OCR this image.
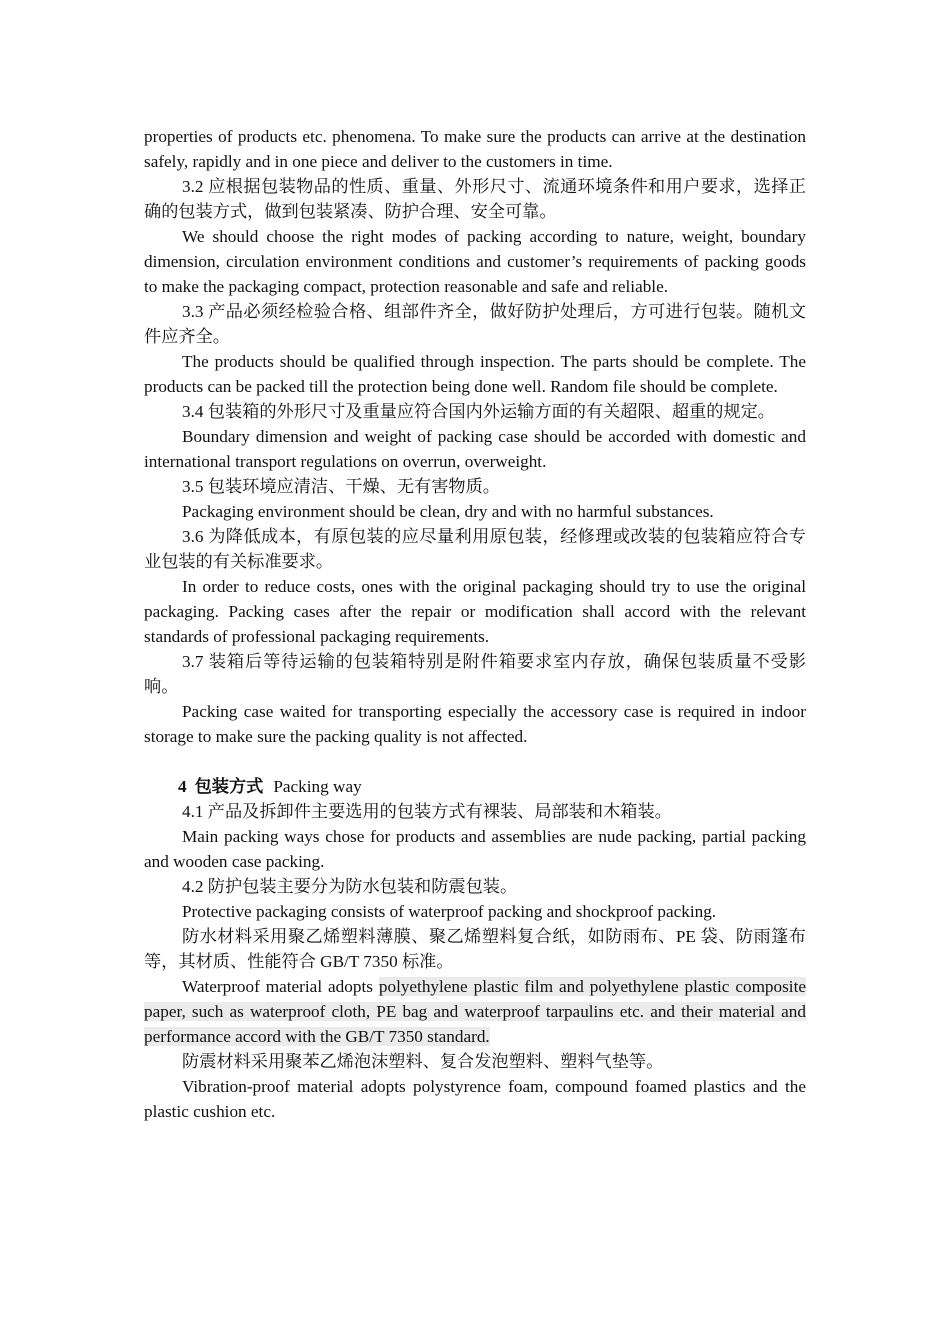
properties of products etc. phenomena. To make sure the products can arrive at the destination safely, rapidly and in one piece and deliver to the customers in time.

3.2 应根据包装物品的性质、重量、外形尺寸、流通环境条件和用户要求，选择正确的包装方式，做到包装紧凑、防护合理、安全可靠。

We should choose the right modes of packing according to nature, weight, boundary dimension, circulation environment conditions and customer’s requirements of packing goods to make the packaging compact, protection reasonable and safe and reliable.

3.3 产品必须经检验合格、组部件齐全，做好防护处理后，方可进行包装。随机文件应齐全。

The products should be qualified through inspection. The parts should be complete. The products can be packed till the protection being done well. Random file should be complete.

3.4 包装箱的外形尺寸及重量应符合国内外运输方面的有关超限、超重的规定。

Boundary dimension and weight of packing case should be accorded with domestic and international transport regulations on overrun, overweight.

3.5 包装环境应清洁、干燥、无有害物质。

Packaging environment should be clean, dry and with no harmful substances.

3.6 为降低成本，有原包装的应尽量利用原包装，经修理或改装的包装箱应符合专业包装的有关标准要求。

In order to reduce costs, ones with the original packaging should try to use the original packaging. Packing cases after the repair or modification shall accord with the relevant standards of professional packaging requirements.

3.7 装箱后等待运输的包装箱特别是附件箱要求室内存放，确保包装质量不受影响。

Packing case waited for transporting especially the accessory case is required in indoor storage to make sure the packing quality is not affected.

4 包装方式 Packing way

4.1 产品及拆卸件主要选用的包装方式有裸装、局部装和木箱装。

Main packing ways chose for products and assemblies are nude packing, partial packing and wooden case packing.

4.2 防护包装主要分为防水包装和防震包装。

Protective packaging consists of waterproof packing and shockproof packing.

防水材料采用聚乙烯塑料薄膜、聚乙烯塑料复合纸，如防雨布、PE 袋、防雨篷布等，其材质、性能符合 GB/T 7350 标准。

Waterproof material adopts polyethylene plastic film and polyethylene plastic composite paper, such as waterproof cloth, PE bag and waterproof tarpaulins etc. and their material and performance accord with the GB/T 7350 standard.

防震材料采用聚苯乙烯泡沫塑料、复合发泡塑料、塑料气垫等。

Vibration-proof material adopts polystyrence foam, compound foamed plastics and the plastic cushion etc.
